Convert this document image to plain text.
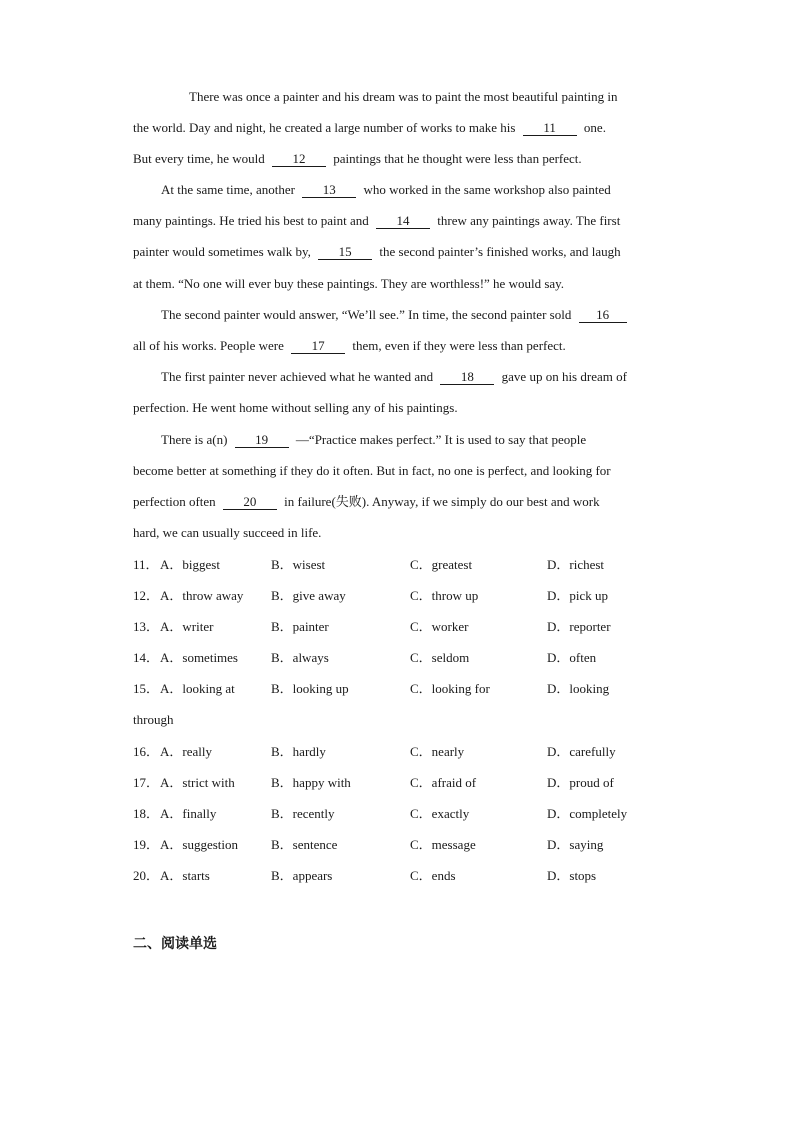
There was once a painter and his dream was to paint the most beautiful painting in
the world. Day and night, he created a large number of works to make his 11 one.
But every time, he would 12 paintings that he thought were less than perfect.
At the same time, another 13 who worked in the same workshop also painted
many paintings. He tried his best to paint and 14 threw any paintings away. The first
painter would sometimes walk by, 15 the second painter’s finished works, and laugh
at them. “No one will ever buy these paintings. They are worthless!” he would say.
The second painter would answer, “We’ll see.” In time, the second painter sold 16
all of his works. People were 17 them, even if they were less than perfect.
The first painter never achieved what he wanted and 18 gave up on his dream of
perfection. He went home without selling any of his paintings.
There is a(n) 19 —“Practice makes perfect.” It is used to say that people
become better at something if they do it often. But in fact, no one is perfect, and looking for
perfection often 20 in failure(失败). Anyway, if we simply do our best and work
hard, we can usually succeed in life.
11． A．biggest	B．wisest	C．greatest	D．richest
12． A．throw away B．give away	C．throw up	D．pick up
13． A．writer	B．painter	C．worker	D．reporter
14． A．sometimes	B．always	C．seldom	D．often
15． A．looking at	B．looking up	C．looking for	D．looking
through
16． A．really	B．hardly	C．nearly	D．carefully
17． A．strict with	B．happy with	C．afraid of	D．proud of
18． A．finally	B．recently	C．exactly	D．completely
19． A．suggestion	B．sentence	C．message	D．saying
20． A．starts	B．appears	C．ends	D．stops
二、阅读单选
